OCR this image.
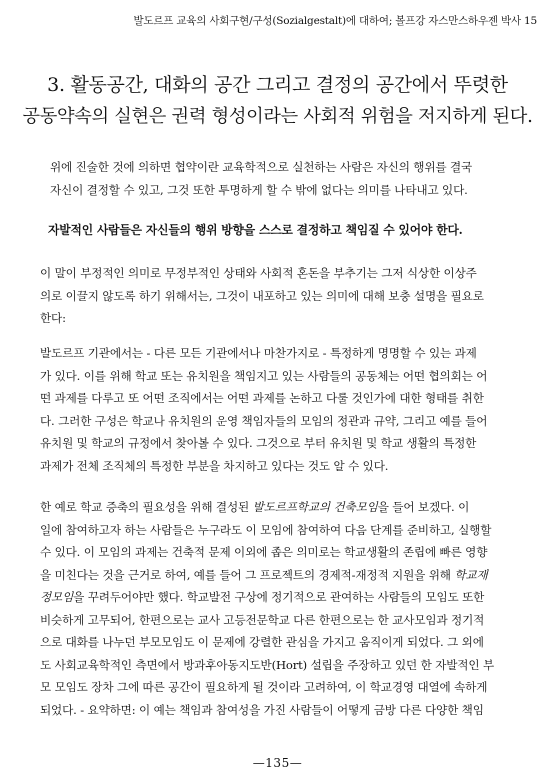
발도르프 교육의 사회구현/구성(Sozialgestalt)에 대하여; 볼프강 자스만스하우젠 박사 15
3. 활동공간, 대화의 공간 그리고 결정의 공간에서 뚜렷한
공동약속의 실현은 권력 형성이라는 사회적 위험을 저지하게 된다.
위에 진술한 것에 의하면 협약이란 교육학적으로 실천하는 사람은 자신의 행위를 결국
자신이 결정할 수 있고, 그것 또한 투명하게 할 수 밖에 없다는 의미를 나타내고 있다.
자발적인 사람들은 자신들의 행위 방향을 스스로 결정하고 책임질 수 있어야 한다.
이 말이 부정적인 의미로 무정부적인 상태와 사회적 혼돈을 부추기는 그저 식상한 이상주
의로 이끌지 않도록 하기 위해서는, 그것이 내포하고 있는 의미에 대해 보충 설명을 필요로
한다:
발도르프 기관에서는 - 다른 모든 기관에서나 마찬가지로 - 특정하게 명명할 수 있는 과제
가 있다. 이를 위해 학교 또는 유치원을 책임지고 있는 사람들의 공동체는 어떤 협의회는 어
떤 과제를 다루고 또 어떤 조직에서는 어떤 과제를 논하고 다룰 것인가에 대한 형태를 취한
다. 그러한 구성은 학교나 유치원의 운영 책임자들의 모임의 정관과 규약, 그리고 예를 들어
유치원 및 학교의 규정에서 찾아볼 수 있다. 그것으로 부터 유치원 및 학교 생활의 특정한
과제가 전체 조직체의 특정한 부분을 차지하고 있다는 것도 알 수 있다.
한 예로 학교 증축의 필요성을 위해 결성된 발도르프학교의 건축모임을 들어 보겠다. 이
일에 참여하고자 하는 사람들은 누구라도 이 모임에 참여하여 다음 단계를 준비하고, 실행할
수 있다. 이 모임의 과제는 건축적 문제 이외에 좁은 의미로는 학교생활의 존립에 빠른 영향
을 미친다는 것을 근거로 하여, 예를 들어 그 프로젝트의 경제적-재정적 지원을 위해 학교재
정모임을 꾸려두어야만 했다. 학교발전 구상에 정기적으로 관여하는 사람들의 모임도 또한
비슷하게 고무되어, 한편으로는 교사 고등전문학교 다른 한편으로는 한 교사모임과 정기적
으로 대화를 나누던 부모모임도 이 문제에 강렬한 관심을 가지고 움직이게 되었다. 그 외에
도 사회교육학적인 측면에서 방과후아동지도반(Hort) 설립을 주장하고 있던 한 자발적인 부
모 모임도 장차 그에 따른 공간이 필요하게 될 것이라 고려하여, 이 학교경영 대열에 속하게
되었다. - 요약하면: 이 예는 책임과 참여성을 가진 사람들이 어떻게 금방 다른 다양한 책임
—135—
